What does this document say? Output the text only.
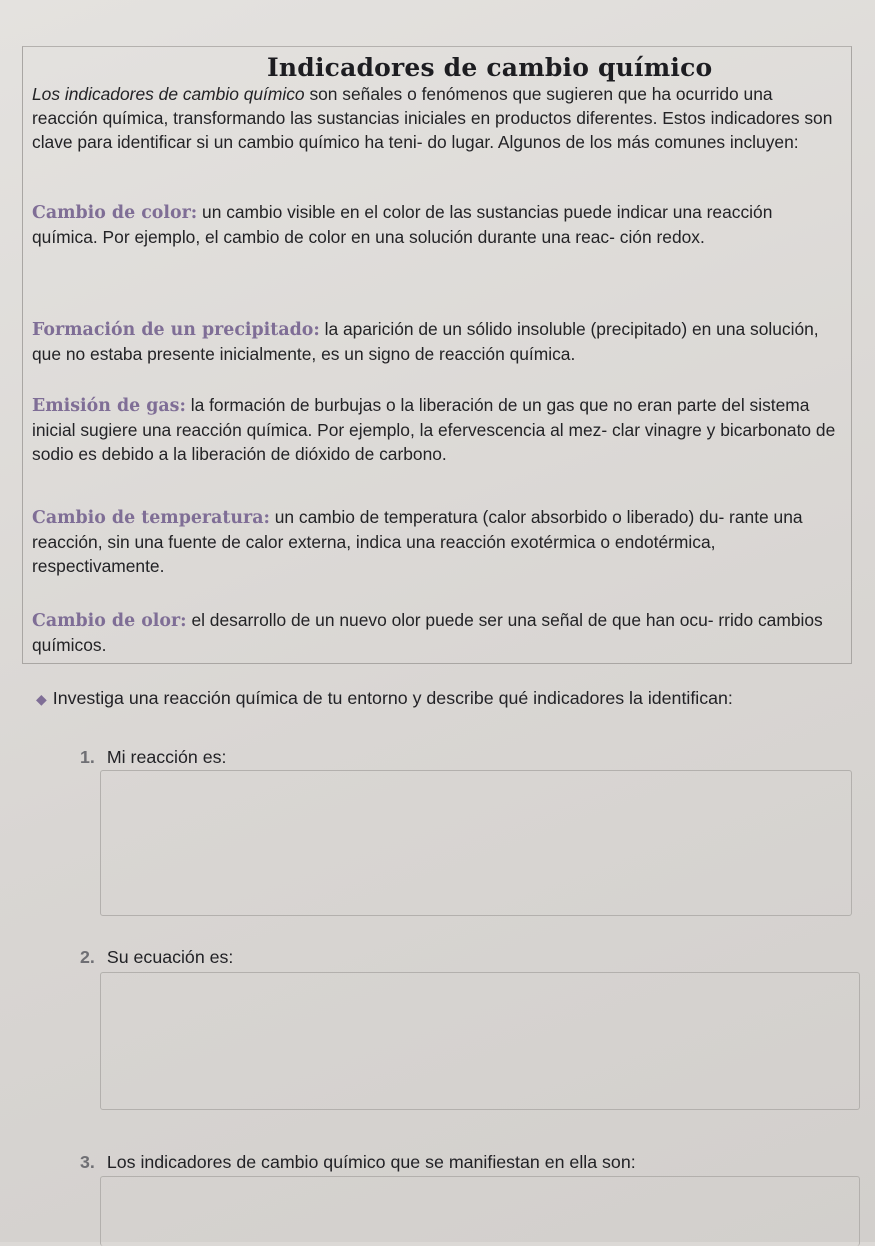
Indicadores de cambio químico

Los indicadores de cambio químico son señales o fenómenos que sugieren que ha ocurrido una reacción química, transformando las sustancias iniciales en productos diferentes. Estos indicadores son clave para identificar si un cambio químico ha teni- do lugar. Algunos de los más comunes incluyen:

Cambio de color: un cambio visible en el color de las sustancias puede indicar una reacción química. Por ejemplo, el cambio de color en una solución durante una reac- ción redox.

Formación de un precipitado: la aparición de un sólido insoluble (precipitado) en una solución, que no estaba presente inicialmente, es un signo de reacción química.

Emisión de gas: la formación de burbujas o la liberación de un gas que no eran parte del sistema inicial sugiere una reacción química. Por ejemplo, la efervescencia al mez- clar vinagre y bicarbonato de sodio es debido a la liberación de dióxido de carbono.

Cambio de temperatura: un cambio de temperatura (calor absorbido o liberado) du- rante una reacción, sin una fuente de calor externa, indica una reacción exotérmica o endotérmica, respectivamente.

Cambio de olor: el desarrollo de un nuevo olor puede ser una señal de que han ocu- rrido cambios químicos.

◆ Investiga una reacción química de tu entorno y describe qué indicadores la identifican:

1. Mi reacción es:

2. Su ecuación es:

3. Los indicadores de cambio químico que se manifiestan en ella son:
